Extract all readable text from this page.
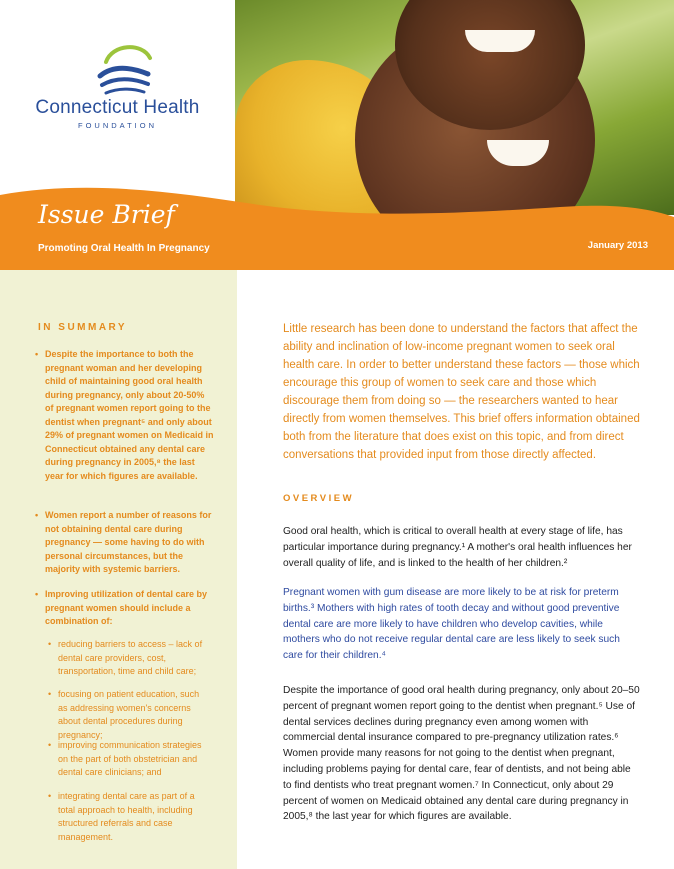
Connecticut Health
FOUNDATION
Issue Brief
Promoting Oral Health In Pregnancy	January 2013
IN SUMMARY
• Despite the importance to both the pregnant woman and her developing child of maintaining good oral health during pregnancy, only about 20-50% of pregnant women report going to the dentist when pregnant⁵ and only about 29% of pregnant women on Medicaid in Connecticut obtained any dental care during pregnancy in 2005,⁸ the last year for which figures are available.
• Women report a number of reasons for not obtaining dental care during pregnancy — some having to do with personal circumstances, but the majority with systemic barriers.
• Improving utilization of dental care by pregnant women should include a combination of:
• reducing barriers to access – lack of dental care providers, cost, transportation, time and child care;
• focusing on patient education, such as addressing women's concerns about dental procedures during pregnancy;
• improving communication strategies on the part of both obstetrician and dental care clinicians; and
• integrating dental care as part of a total approach to health, including structured referrals and case management.
Little research has been done to understand the factors that affect the ability and inclination of low-income pregnant women to seek oral health care. In order to better understand these factors — those which encourage this group of women to seek care and those which discourage them from doing so — the researchers wanted to hear directly from women themselves. This brief offers information obtained both from the literature that does exist on this topic, and from direct conversations that provided input from those directly affected.
OVERVIEW
Good oral health, which is critical to overall health at every stage of life, has particular importance during pregnancy.¹ A mother's oral health influences her overall quality of life, and is linked to the health of her children.²
Pregnant women with gum disease are more likely to be at risk for preterm births.³ Mothers with high rates of tooth decay and without good preventive dental care are more likely to have children who develop cavities, while mothers who do not receive regular dental care are less likely to seek such care for their children.⁴
Despite the importance of good oral health during pregnancy, only about 20–50 percent of pregnant women report going to the dentist when pregnant.⁵ Use of dental services declines during pregnancy even among women with commercial dental insurance compared to pre-pregnancy utilization rates.⁶ Women provide many reasons for not going to the dentist when pregnant, including problems paying for dental care, fear of dentists, and not being able to find dentists who treat pregnant women.⁷ In Connecticut, only about 29 percent of women on Medicaid obtained any dental care during pregnancy in 2005,⁸ the last year for which figures are available.
